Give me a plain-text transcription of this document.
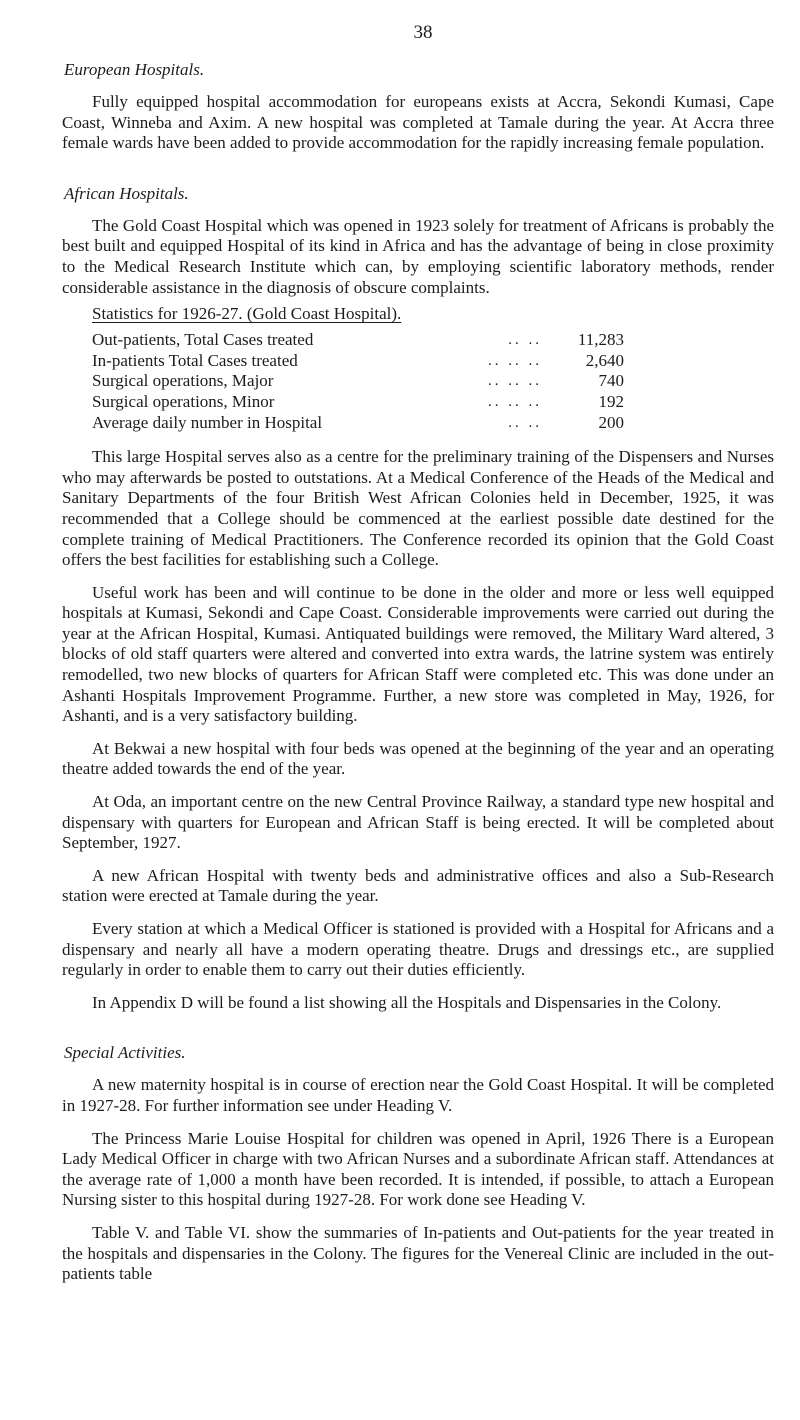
38
European Hospitals.

Fully equipped hospital accommodation for europeans exists at Accra, Sekondi Kumasi, Cape Coast, Winneba and Axim. A new hospital was completed at Tamale during the year. At Accra three female wards have been added to provide accommodation for the rapidly increasing female population.

African Hospitals.

The Gold Coast Hospital which was opened in 1923 solely for treatment of Africans is probably the best built and equipped Hospital of its kind in Africa and has the advantage of being in close proximity to the Medical Research Institute which can, by employing scientific laboratory methods, render considerable assistance in the diagnosis of obscure complaints.

Statistics for 1926-27. (Gold Coast Hospital).
Out-patients, Total Cases treated	.. ..	11,283
In-patients Total Cases treated	.. .. ..	2,640
Surgical operations, Major	.. .. ..	740
Surgical operations, Minor	.. .. ..	192
Average daily number in Hospital	.. ..	200

This large Hospital serves also as a centre for the preliminary training of the Dispensers and Nurses who may afterwards be posted to outstations. At a Medical Conference of the Heads of the Medical and Sanitary Departments of the four British West African Colonies held in December, 1925, it was recommended that a College should be commenced at the earliest possible date destined for the complete training of Medical Practitioners. The Conference recorded its opinion that the Gold Coast offers the best facilities for establishing such a College.

Useful work has been and will continue to be done in the older and more or less well equipped hospitals at Kumasi, Sekondi and Cape Coast. Considerable improvements were carried out during the year at the African Hospital, Kumasi. Antiquated buildings were removed, the Military Ward altered, 3 blocks of old staff quarters were altered and converted into extra wards, the latrine system was entirely remodelled, two new blocks of quarters for African Staff were completed etc. This was done under an Ashanti Hospitals Improvement Programme. Further, a new store was completed in May, 1926, for Ashanti, and is a very satisfactory building.

At Bekwai a new hospital with four beds was opened at the beginning of the year and an operating theatre added towards the end of the year.

At Oda, an important centre on the new Central Province Railway, a standard type new hospital and dispensary with quarters for European and African Staff is being erected. It will be completed about September, 1927.

A new African Hospital with twenty beds and administrative offices and also a Sub-Research station were erected at Tamale during the year.

Every station at which a Medical Officer is stationed is provided with a Hospital for Africans and a dispensary and nearly all have a modern operating theatre. Drugs and dressings etc., are supplied regularly in order to enable them to carry out their duties efficiently.

In Appendix D will be found a list showing all the Hospitals and Dispensaries in the Colony.

Special Activities.

A new maternity hospital is in course of erection near the Gold Coast Hospital. It will be completed in 1927-28. For further information see under Heading V.

The Princess Marie Louise Hospital for children was opened in April, 1926 There is a European Lady Medical Officer in charge with two African Nurses and a subordinate African staff. Attendances at the average rate of 1,000 a month have been recorded. It is intended, if possible, to attach a European Nursing sister to this hospital during 1927-28. For work done see Heading V.

Table V. and Table VI. show the summaries of In-patients and Out-patients for the year treated in the hospitals and dispensaries in the Colony. The figures for the Venereal Clinic are included in the out-patients table
